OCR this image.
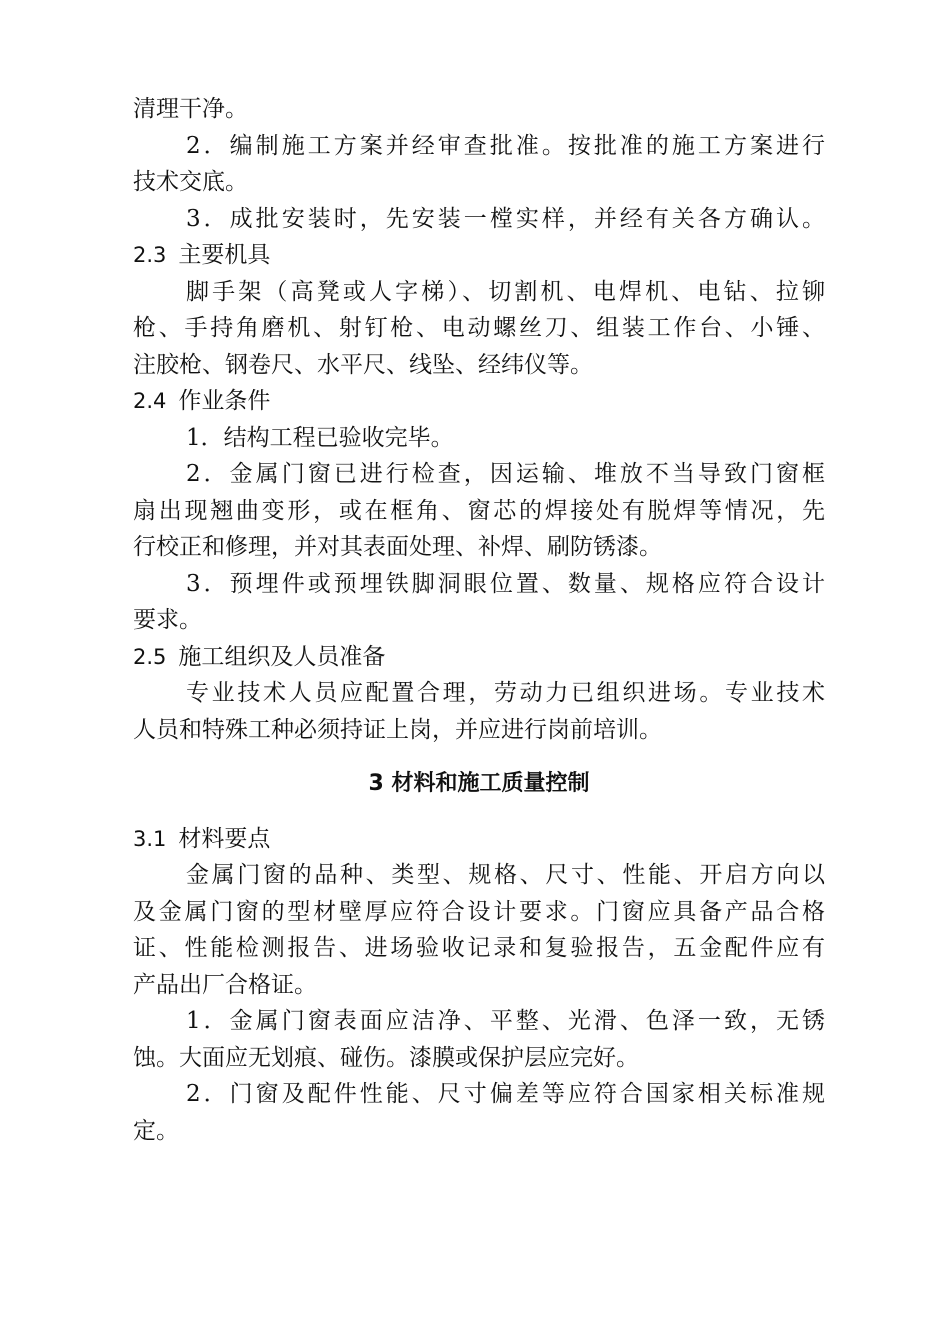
清理干净。
2．编制施工方案并经审查批准。按批准的施工方案进行
技术交底。
3．成批安装时，先安装一樘实样，并经有关各方确认。
2.3 主要机具
脚手架（高凳或人字梯）、切割机、电焊机、电钻、拉铆
枪、手持角磨机、射钉枪、电动螺丝刀、组装工作台、小锤、
注胶枪、钢卷尺、水平尺、线坠、经纬仪等。
2.4 作业条件
1．结构工程已验收完毕。
2．金属门窗已进行检查，因运输、堆放不当导致门窗框
扇出现翘曲变形，或在框角、窗芯的焊接处有脱焊等情况，先
行校正和修理，并对其表面处理、补焊、刷防锈漆。
3．预埋件或预埋铁脚洞眼位置、数量、规格应符合设计
要求。
2.5 施工组织及人员准备
专业技术人员应配置合理，劳动力已组织进场。专业技术
人员和特殊工种必须持证上岗，并应进行岗前培训。
3 材料和施工质量控制
3.1 材料要点
金属门窗的品种、类型、规格、尺寸、性能、开启方向以
及金属门窗的型材壁厚应符合设计要求。门窗应具备产品合格
证、性能检测报告、进场验收记录和复验报告，五金配件应有
产品出厂合格证。
1．金属门窗表面应洁净、平整、光滑、色泽一致，无锈
蚀。大面应无划痕、碰伤。漆膜或保护层应完好。
2．门窗及配件性能、尺寸偏差等应符合国家相关标准规
定。
